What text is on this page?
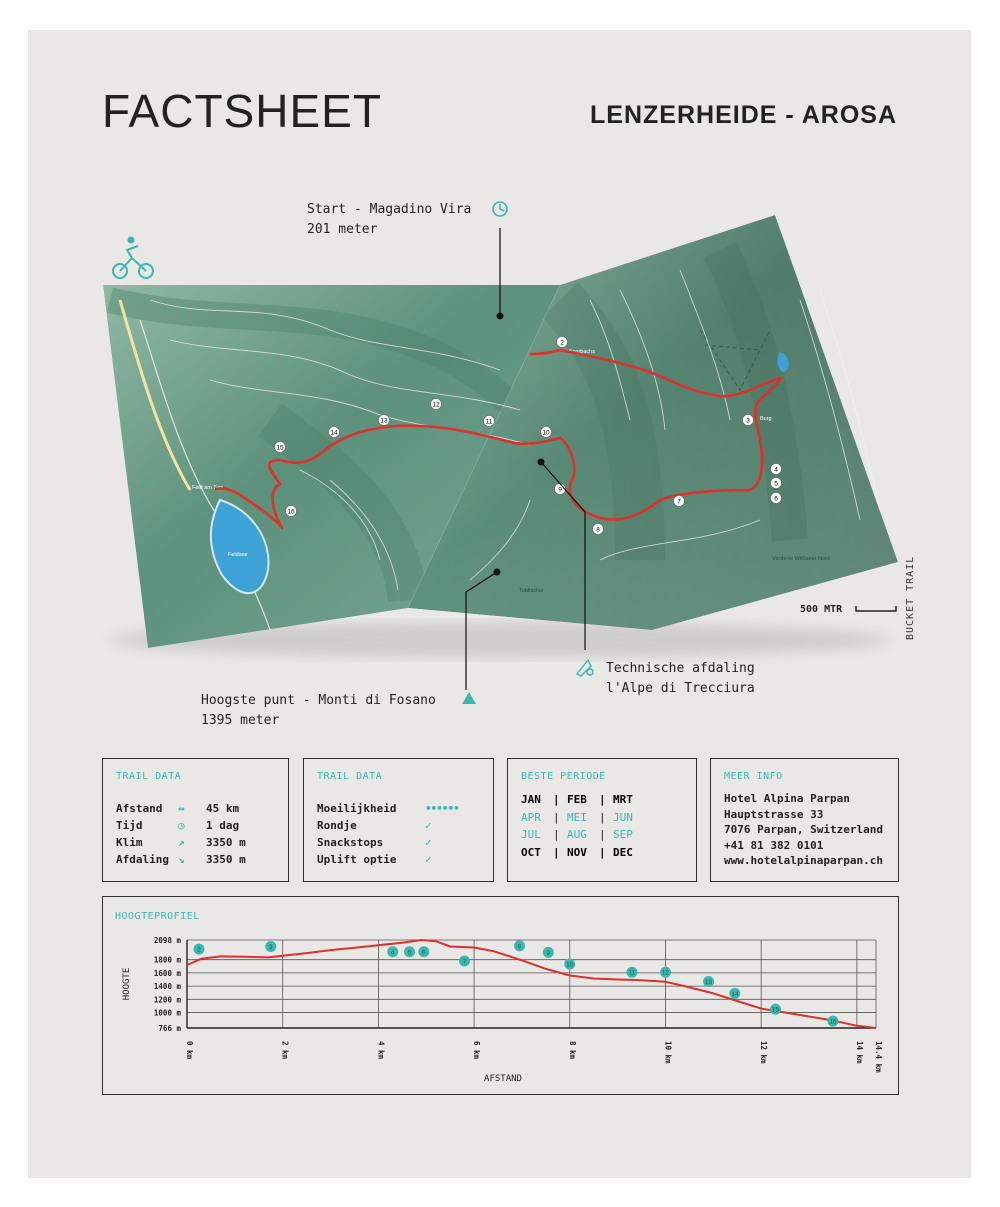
FACTSHEET	LENZERHEIDE - AROSA
Feld am See
Feldsee
Scorbachs
Tobitscher
Burg
Vorderer Wißlaner Nock
2
3
4
5
6
7
8
9
10
11
12
13
14
15
16
Start - Magadino Vira
201 meter
Technische afdaling
l'Alpe di Trecciura
Hoogste punt - Monti di Fosano
1395 meter
500 MTR	BUCKET TRAIL
TRAIL DATA
Afstand	↔	45 km
Tijd	◷	1 dag
Klim	↗	3350 m
Afdaling ↘	3350 m
TRAIL DATA
Moeilijkheid	••••••
Rondje	✓
Snackstops	✓
Uplift optie	✓
BESTE PERIODE
JAN	| FEB	| MRT
APR	| MEI	| JUN
JUL	| AUG	| SEP
OCT	| NOV	| DEC
MEER INFO
Hotel Alpina Parpan
Hauptstrasse 33
7076 Parpan, Switzerland
+41 81 382 0101
www.hotelalpinaparpan.ch
HOOGTEPROFIEL
766 m
1000 m
1200 m
1400 m
1600 m
1800 m
2098 m
0 km	2 km	4 km	6 km	8 km	10 km	12 km	14 km 14.4 km
HOOGTE
AFSTAND
2	3
4 5 6
7
8
9
10
11	12
13
14
15
16
